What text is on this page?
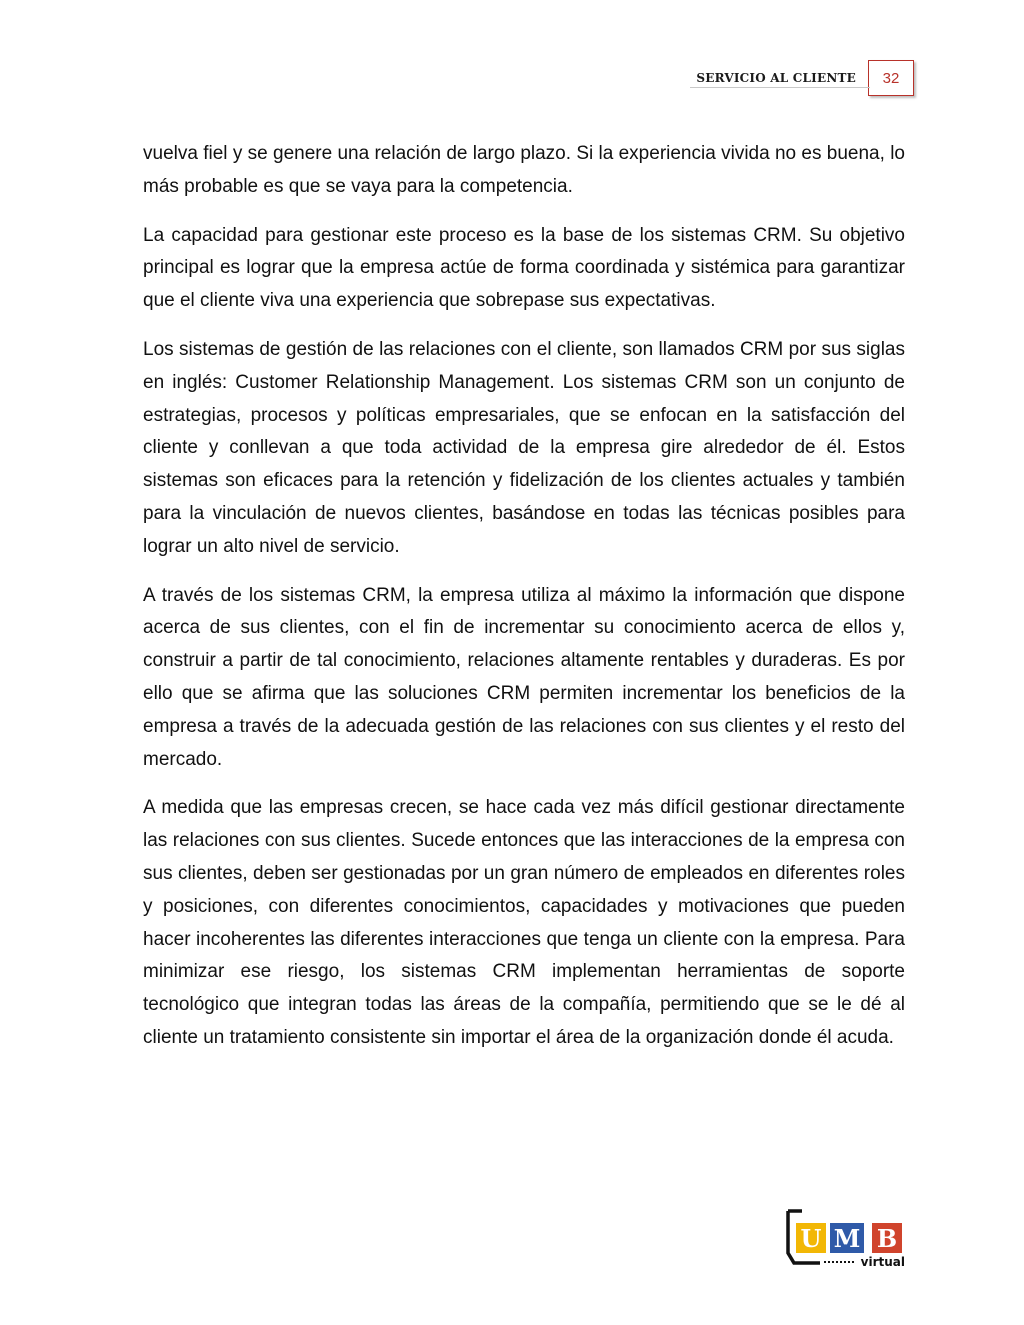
SERVICIO AL CLIENTE	32

vuelva fiel y se genere una relación de largo plazo. Si la experiencia vivida no es buena, lo más probable es que se vaya para la competencia.

La capacidad para gestionar este proceso es la base de los sistemas CRM. Su objetivo principal es lograr que la empresa actúe de forma coordinada y sistémica para garantizar que el cliente viva una experiencia que sobrepase sus expectativas.

Los sistemas de gestión de las relaciones con el cliente, son llamados CRM por sus siglas en inglés: Customer Relationship Management. Los sistemas CRM son un conjunto de estrategias, procesos y políticas empresariales, que se enfocan en la satisfacción del cliente y conllevan a que toda actividad de la empresa gire alrededor de él. Estos sistemas son eficaces para la retención y fidelización de los clientes actuales y también para la vinculación de nuevos clientes, basándose en todas las técnicas posibles para lograr un alto nivel de servicio.

A través de los sistemas CRM, la empresa utiliza al máximo la información que dispone acerca de sus clientes, con el fin de incrementar su conocimiento acerca de ellos y, construir a partir de tal conocimiento, relaciones altamente rentables y duraderas. Es por ello que se afirma que las soluciones CRM permiten incrementar los beneficios de la empresa a través de la adecuada gestión de las relaciones con sus clientes y el resto del mercado.

A medida que las empresas crecen, se hace cada vez más difícil gestionar directamente las relaciones con sus clientes. Sucede entonces que las interacciones de la empresa con sus clientes, deben ser gestionadas por un gran número de empleados en diferentes roles y posiciones, con diferentes conocimientos, capacidades y motivaciones que pueden hacer incoherentes las diferentes interacciones que tenga un cliente con la empresa. Para minimizar ese riesgo, los sistemas CRM implementan herramientas de soporte tecnológico que integran todas las áreas de la compañía, permitiendo que se le dé al cliente un tratamiento consistente sin importar el área de la organización donde él acuda.

U M B
virtual
